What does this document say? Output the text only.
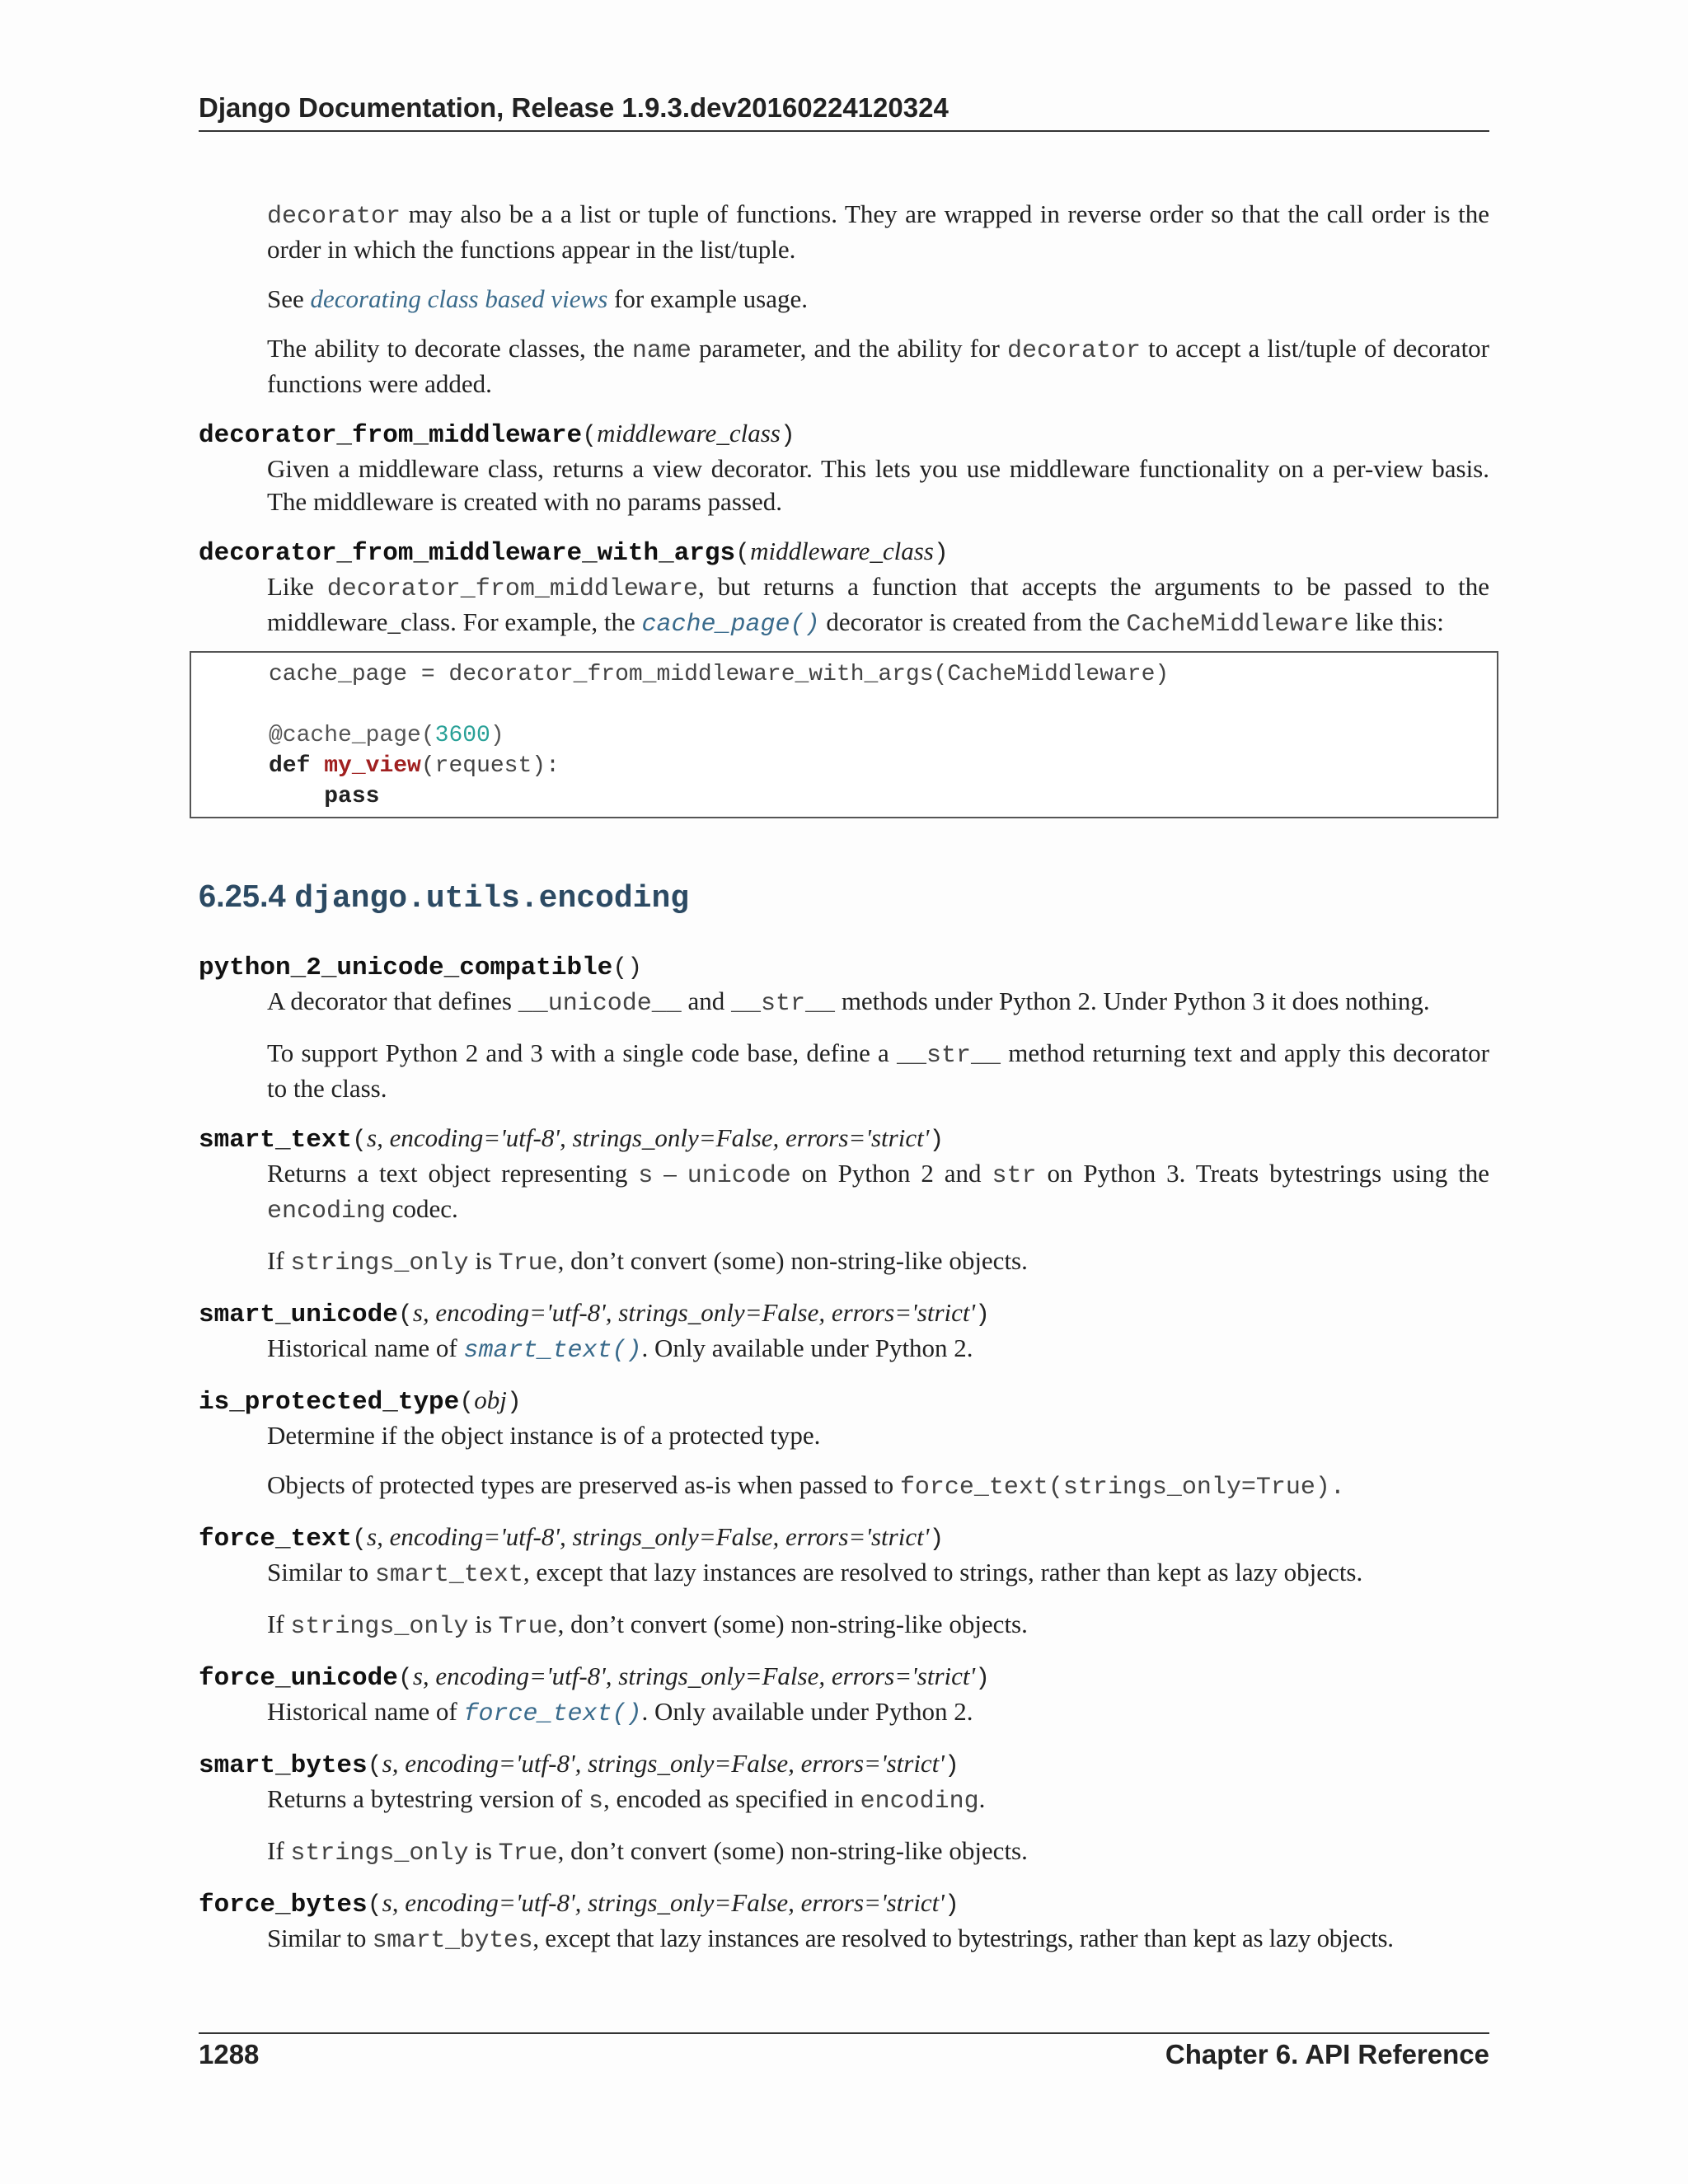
Django Documentation, Release 1.9.3.dev20160224120324

decorator may also be a a list or tuple of functions. They are wrapped in reverse order so that the call order is the order in which the functions appear in the list/tuple.

See decorating class based views for example usage.

The ability to decorate classes, the name parameter, and the ability for decorator to accept a list/tuple of decorator functions were added.

decorator_from_middleware(middleware_class)

Given a middleware class, returns a view decorator. This lets you use middleware functionality on a per-view basis. The middleware is created with no params passed.

decorator_from_middleware_with_args(middleware_class)

Like decorator_from_middleware, but returns a function that accepts the arguments to be passed to the middleware_class. For example, the cache_page() decorator is created from the CacheMiddleware like this:

cache_page = decorator_from_middleware_with_args(CacheMiddleware)

@cache_page(3600)
def my_view(request):
pass
6.25.4 django.utils.encoding

python_2_unicode_compatible()

A decorator that defines __unicode__ and __str__ methods under Python 2. Under Python 3 it does nothing.

To support Python 2 and 3 with a single code base, define a __str__ method returning text and apply this decorator to the class.

smart_text(s, encoding='utf-8', strings_only=False, errors='strict')

Returns a text object representing s – unicode on Python 2 and str on Python 3. Treats bytestrings using the encoding codec.

If strings_only is True, don’t convert (some) non-string-like objects.

smart_unicode(s, encoding='utf-8', strings_only=False, errors='strict')

Historical name of smart_text(). Only available under Python 2.

is_protected_type(obj)

Determine if the object instance is of a protected type.

Objects of protected types are preserved as-is when passed to force_text(strings_only=True).

force_text(s, encoding='utf-8', strings_only=False, errors='strict')

Similar to smart_text, except that lazy instances are resolved to strings, rather than kept as lazy objects.

If strings_only is True, don’t convert (some) non-string-like objects.

force_unicode(s, encoding='utf-8', strings_only=False, errors='strict')

Historical name of force_text(). Only available under Python 2.

smart_bytes(s, encoding='utf-8', strings_only=False, errors='strict')

Returns a bytestring version of s, encoded as specified in encoding.

If strings_only is True, don’t convert (some) non-string-like objects.

force_bytes(s, encoding='utf-8', strings_only=False, errors='strict')

Similar to smart_bytes, except that lazy instances are resolved to bytestrings, rather than kept as lazy objects.

1288	Chapter 6. API Reference
